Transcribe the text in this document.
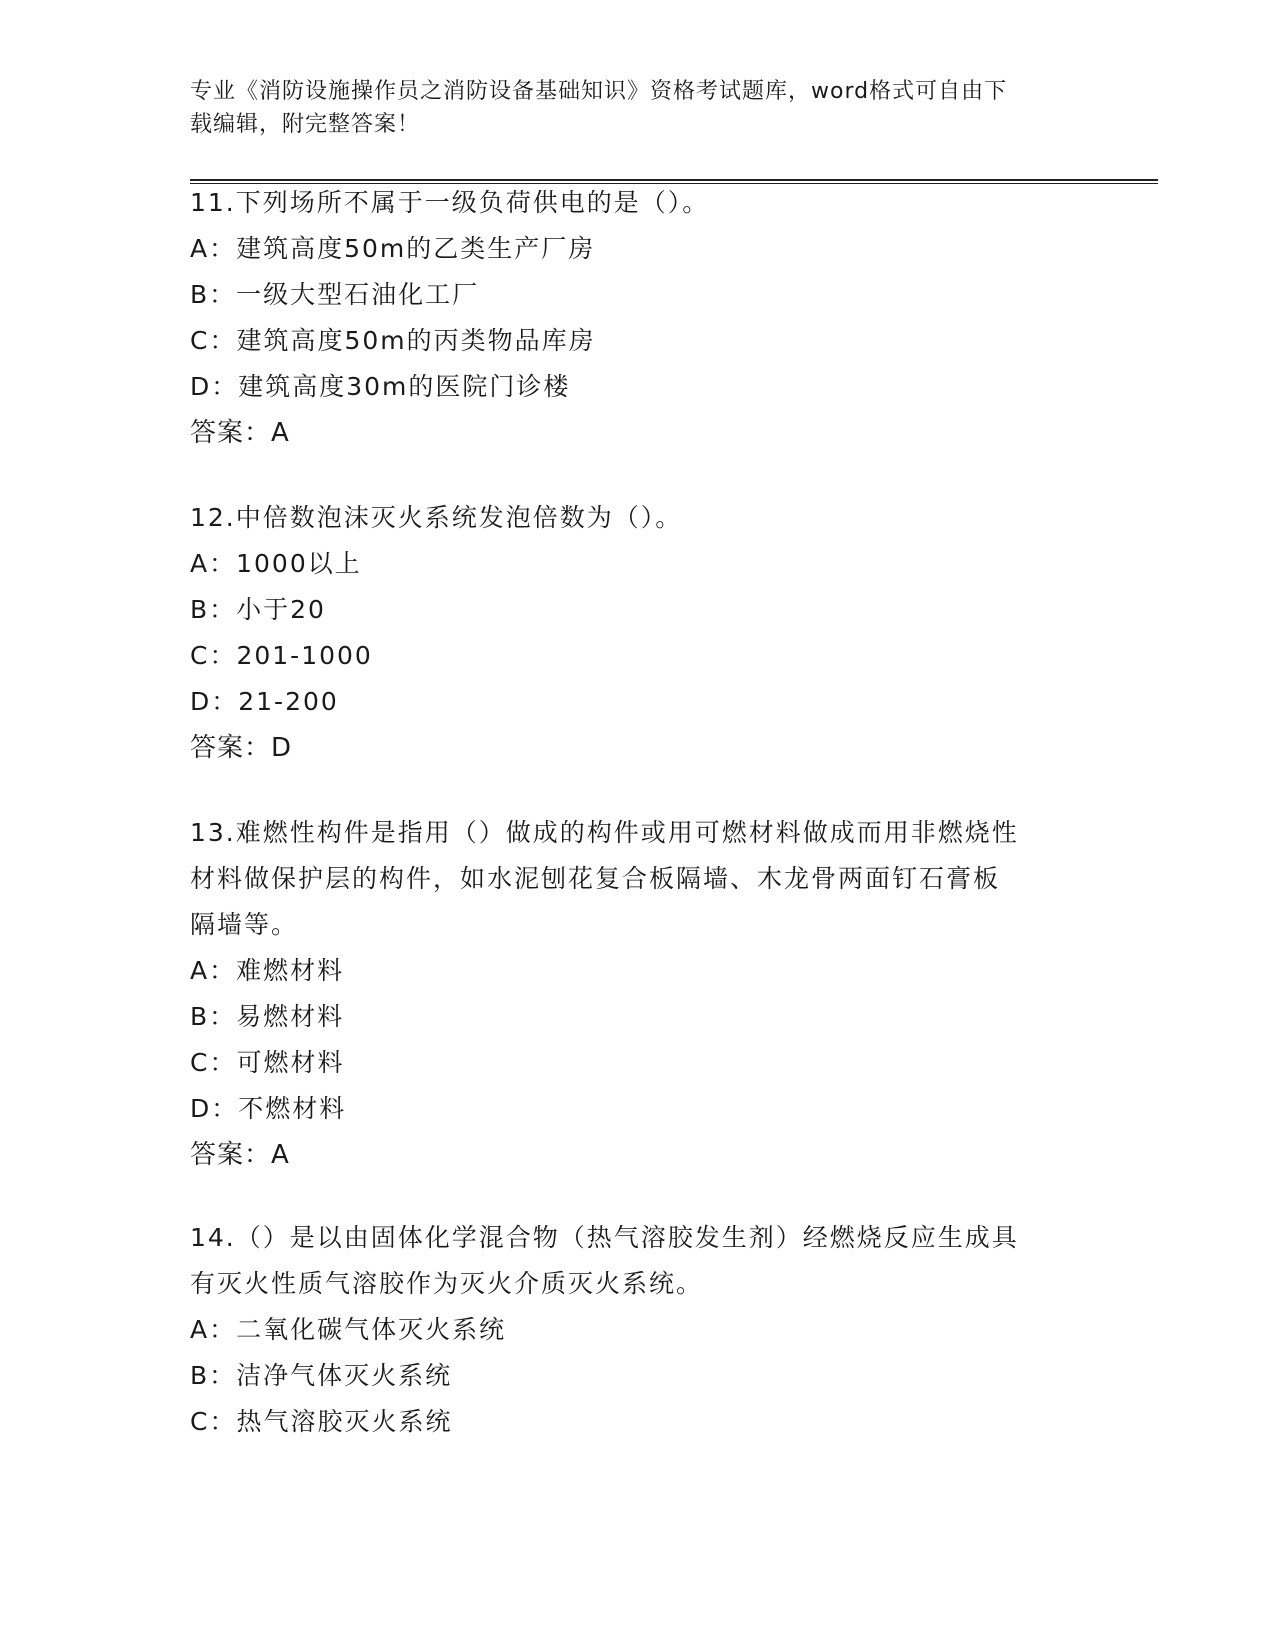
专业《消防设施操作员之消防设备基础知识》资格考试题库，word格式可自由下
载编辑，附完整答案！
11.下列场所不属于一级负荷供电的是（）。
A：建筑高度50m的乙类生产厂房
B：一级大型石油化工厂
C：建筑高度50m的丙类物品库房
D：建筑高度30m的医院门诊楼
答案：A
12.中倍数泡沫灭火系统发泡倍数为（）。
A：1000以上
B：小于20
C：201-1000
D：21-200
答案：D
13.难燃性构件是指用（）做成的构件或用可燃材料做成而用非燃烧性
材料做保护层的构件，如水泥刨花复合板隔墙、木龙骨两面钉石膏板
隔墙等。
A：难燃材料
B：易燃材料
C：可燃材料
D：不燃材料
答案：A
14.（）是以由固体化学混合物（热气溶胶发生剂）经燃烧反应生成具
有灭火性质气溶胶作为灭火介质灭火系统。
A：二氧化碳气体灭火系统
B：洁净气体灭火系统
C：热气溶胶灭火系统
